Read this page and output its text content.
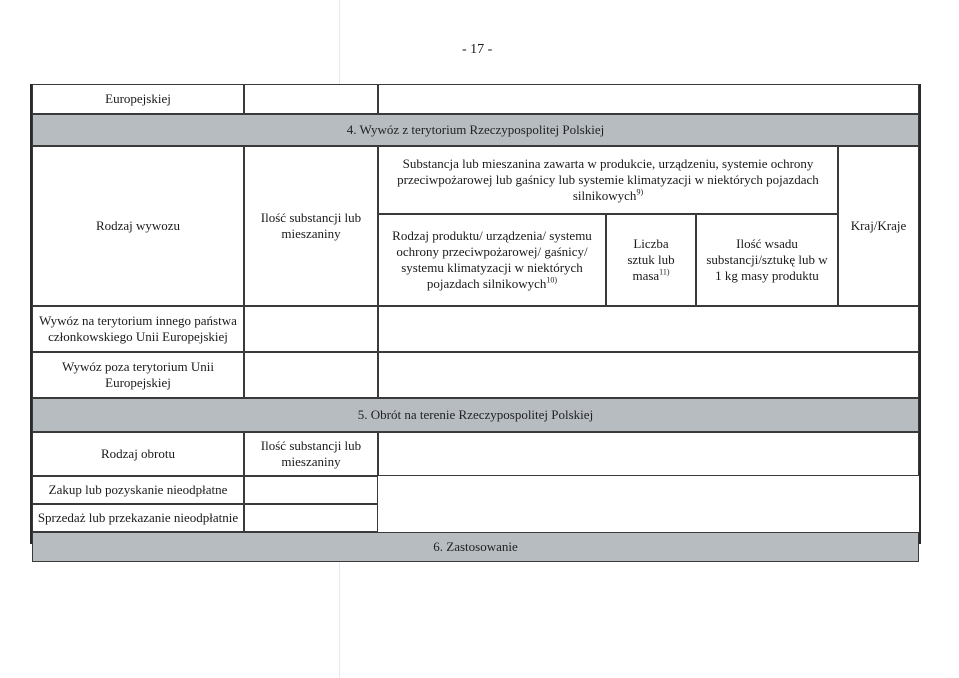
- 17 -
Europejskiej
4. Wywóz z terytorium Rzeczypospolitej Polskiej
Rodzaj wywozu
Ilość substancji lub mieszaniny
Substancja lub mieszanina zawarta w produkcie, urządzeniu, systemie ochrony przeciwpożarowej lub gaśnicy lub systemie klimatyzacji w niektórych pojazdach silnikowych$^{9)}$
Rodzaj produktu/ urządzenia/ systemu ochrony przeciwpożarowej/ gaśnicy/ systemu klimatyzacji w niektórych pojazdach silnikowych$^{10)}$
Liczba sztuk lub masa$^{11)}$
Ilość wsadu substancji/sztukę lub w 1 kg masy produktu
Kraj/Kraje
Wywóz na terytorium innego państwa członkowskiego Unii Europejskiej
Wywóz poza terytorium Unii Europejskiej
5. Obrót na terenie Rzeczypospolitej Polskiej
Rodzaj obrotu
Ilość substancji lub mieszaniny
Zakup lub pozyskanie nieodpłatne
Sprzedaż lub przekazanie nieodpłatnie
6. Zastosowanie
